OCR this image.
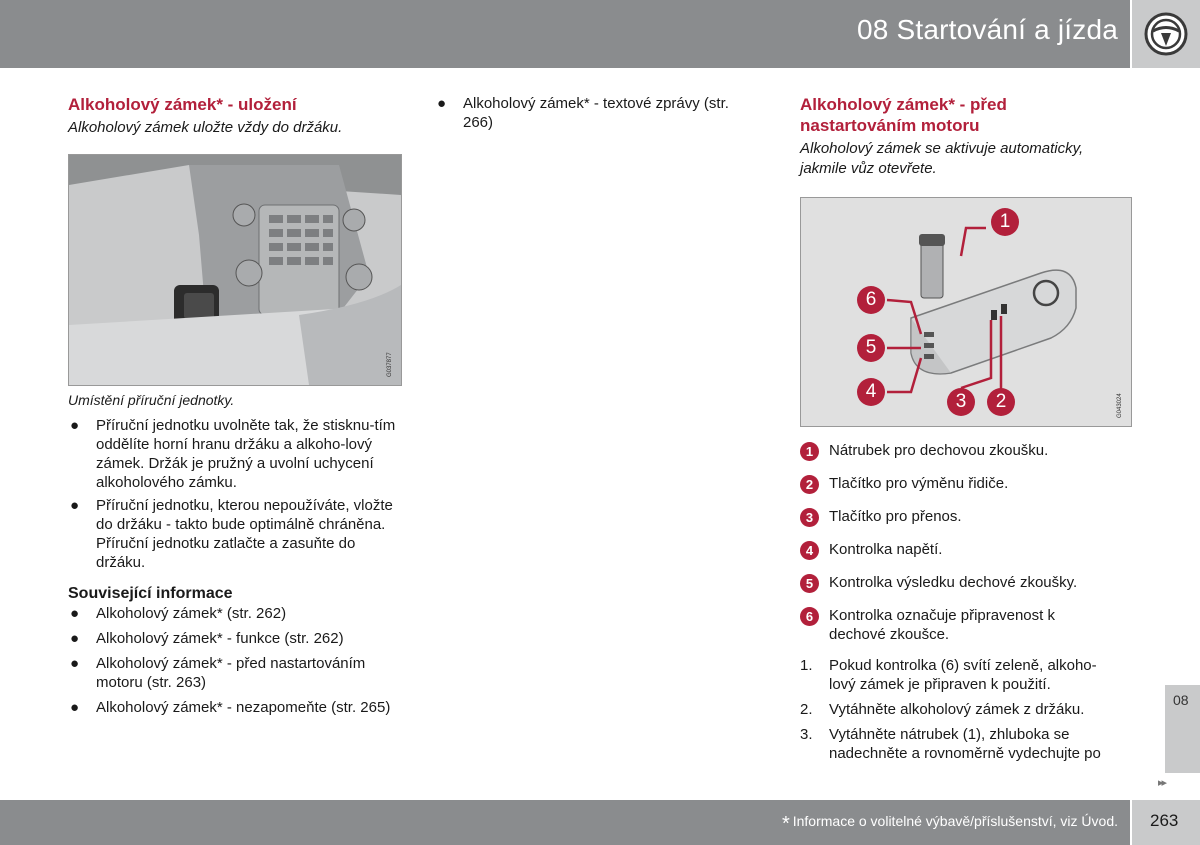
08 Startování a jízda
Alkoholový zámek* - uložení

Alkoholový zámek uložte vždy do držáku.

G037877

Umístění příruční jednotky.

● Příruční jednotku uvolněte tak, že stisknu-tím oddělíte horní hranu držáku a alkoho-lový zámek. Držák je pružný a uvolní uchycení alkoholového zámku.
● Příruční jednotku, kterou nepoužíváte, vložte do držáku - takto bude optimálně chráněna. Příruční jednotku zatlačte a zasuňte do držáku.
Související informace
● Alkoholový zámek* (str. 262)
● Alkoholový zámek* - funkce (str. 262)
● Alkoholový zámek* - před nastartováním motoru (str. 263)
● Alkoholový zámek* - nezapomeňte (str. 265)
● Alkoholový zámek* - textové zprávy (str. 266)
Alkoholový zámek* - před
nastartováním motoru

Alkoholový zámek se aktivuje automaticky,
jakmile vůz otevřete.

1
2
3
4
5
6
G043024
1	Nátrubek pro dechovou zkoušku.
2	Tlačítko pro výměnu řidiče.
3	Tlačítko pro přenos.
4	Kontrolka napětí.
5	Kontrolka výsledku dechové zkoušky.
6	Kontrolka označuje připravenost k dechové zkoušce.
1. Pokud kontrolka (6) svítí zeleně, alkoho-lový zámek je připraven k použití.
2. Vytáhněte alkoholový zámek z držáku.
3. Vytáhněte nátrubek (1), zhluboka se nadechněte a rovnoměrně vydechujte po
08
▸▸
* Informace o volitelné výbavě/příslušenství, viz Úvod. 263
